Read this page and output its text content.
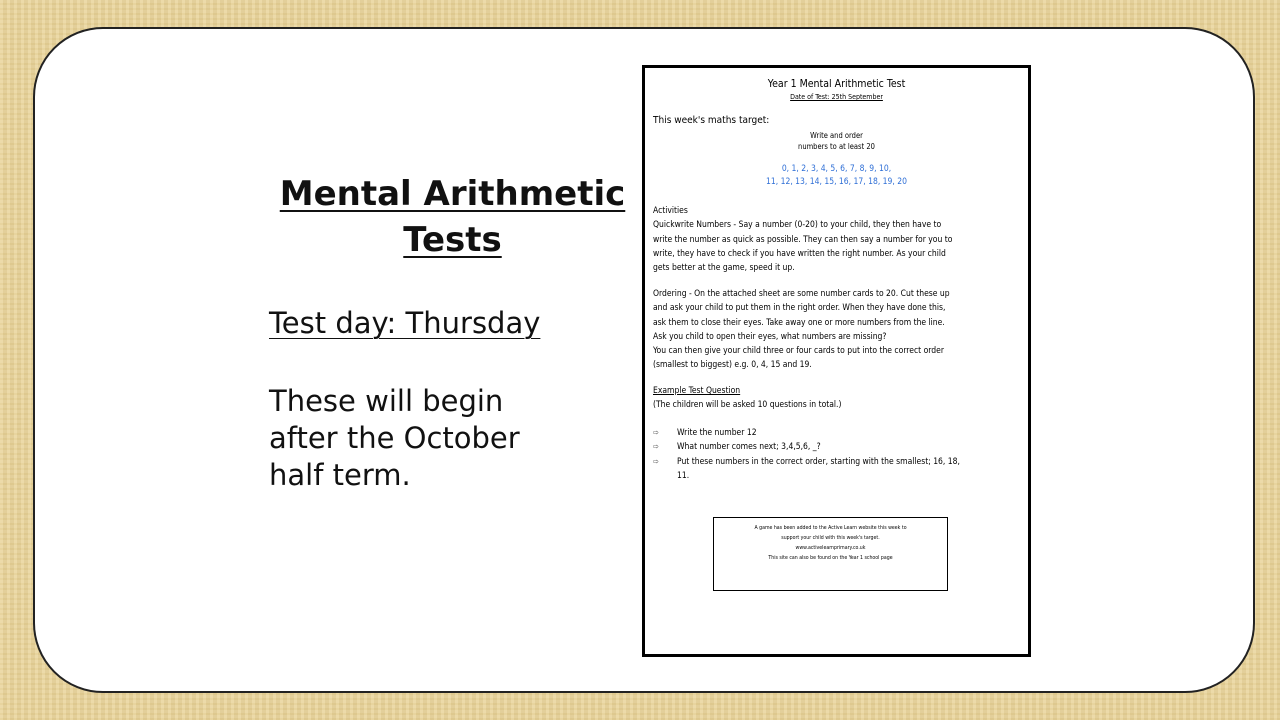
Mental Arithmetic
Tests
Test day: Thursday
These will begin
after the October
half term.
Year 1 Mental Arithmetic Test
Date of Test: 25th September
This week's maths target:
Write and order
numbers to at least 20
0, 1, 2, 3, 4, 5, 6, 7, 8, 9, 10,
11, 12, 13, 14, 15, 16, 17, 18, 19, 20
Activities
Quickwrite Numbers - Say a number (0-20) to your child, they then have to
write the number as quick as possible. They can then say a number for you to
write, they have to check if you have written the right number. As your child
gets better at the game, speed it up.
Ordering - On the attached sheet are some number cards to 20. Cut these up
and ask your child to put them in the right order. When they have done this,
ask them to close their eyes. Take away one or more numbers from the line.
Ask you child to open their eyes, what numbers are missing?
You can then give your child three or four cards to put into the correct order
(smallest to biggest) e.g. 0, 4, 15 and 19.
Example Test Question
(The children will be asked 10 questions in total.)
⇨ Write the number 12
⇨ What number comes next; 3,4,5,6, _?
⇨ Put these numbers in the correct order, starting with the smallest; 16, 18,
11.
A game has been added to the Active Learn website this week to
support your child with this week's target.
www.activelearnprimary.co.uk
This site can also be found on the Year 1 school page
